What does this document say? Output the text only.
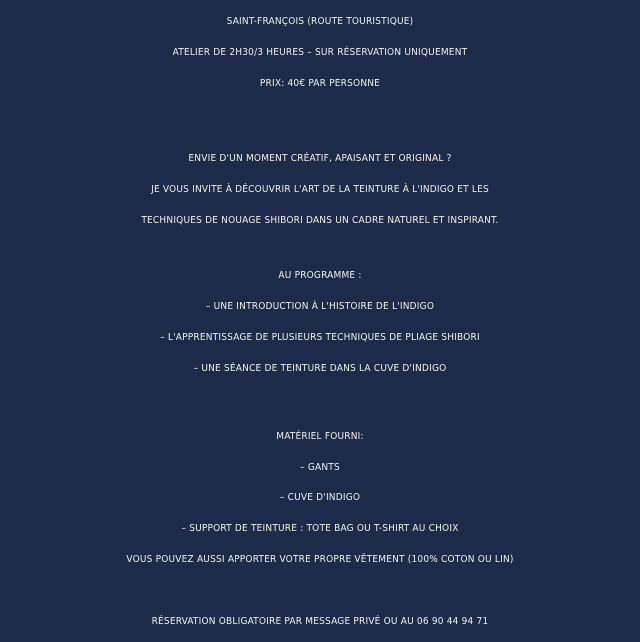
SAINT-FRANÇOIS (ROUTE TOURISTIQUE)
ATELIER DE 2H30/3 HEURES – SUR RÉSERVATION UNIQUEMENT
PRIX: 40€ PAR PERSONNE
ENVIE D'UN MOMENT CRÉATIF, APAISANT ET ORIGINAL ?
JE VOUS INVITE À DÉCOUVRIR L'ART DE LA TEINTURE À L'INDIGO ET LES
TECHNIQUES DE NOUAGE SHIBORI DANS UN CADRE NATUREL ET INSPIRANT.
AU PROGRAMME :
– UNE INTRODUCTION À L'HISTOIRE DE L'INDIGO
– L'APPRENTISSAGE DE PLUSIEURS TECHNIQUES DE PLIAGE SHIBORI
– UNE SÉANCE DE TEINTURE DANS LA CUVE D'INDIGO
MATÉRIEL FOURNI:
– GANTS
– CUVE D'INDIGO
– SUPPORT DE TEINTURE : TOTE BAG OU T-SHIRT AU CHOIX
VOUS POUVEZ AUSSI APPORTER VOTRE PROPRE VÊTEMENT (100% COTON OU LIN)
RÉSERVATION OBLIGATOIRE PAR MESSAGE PRIVÉ OU AU 06 90 44 94 71
